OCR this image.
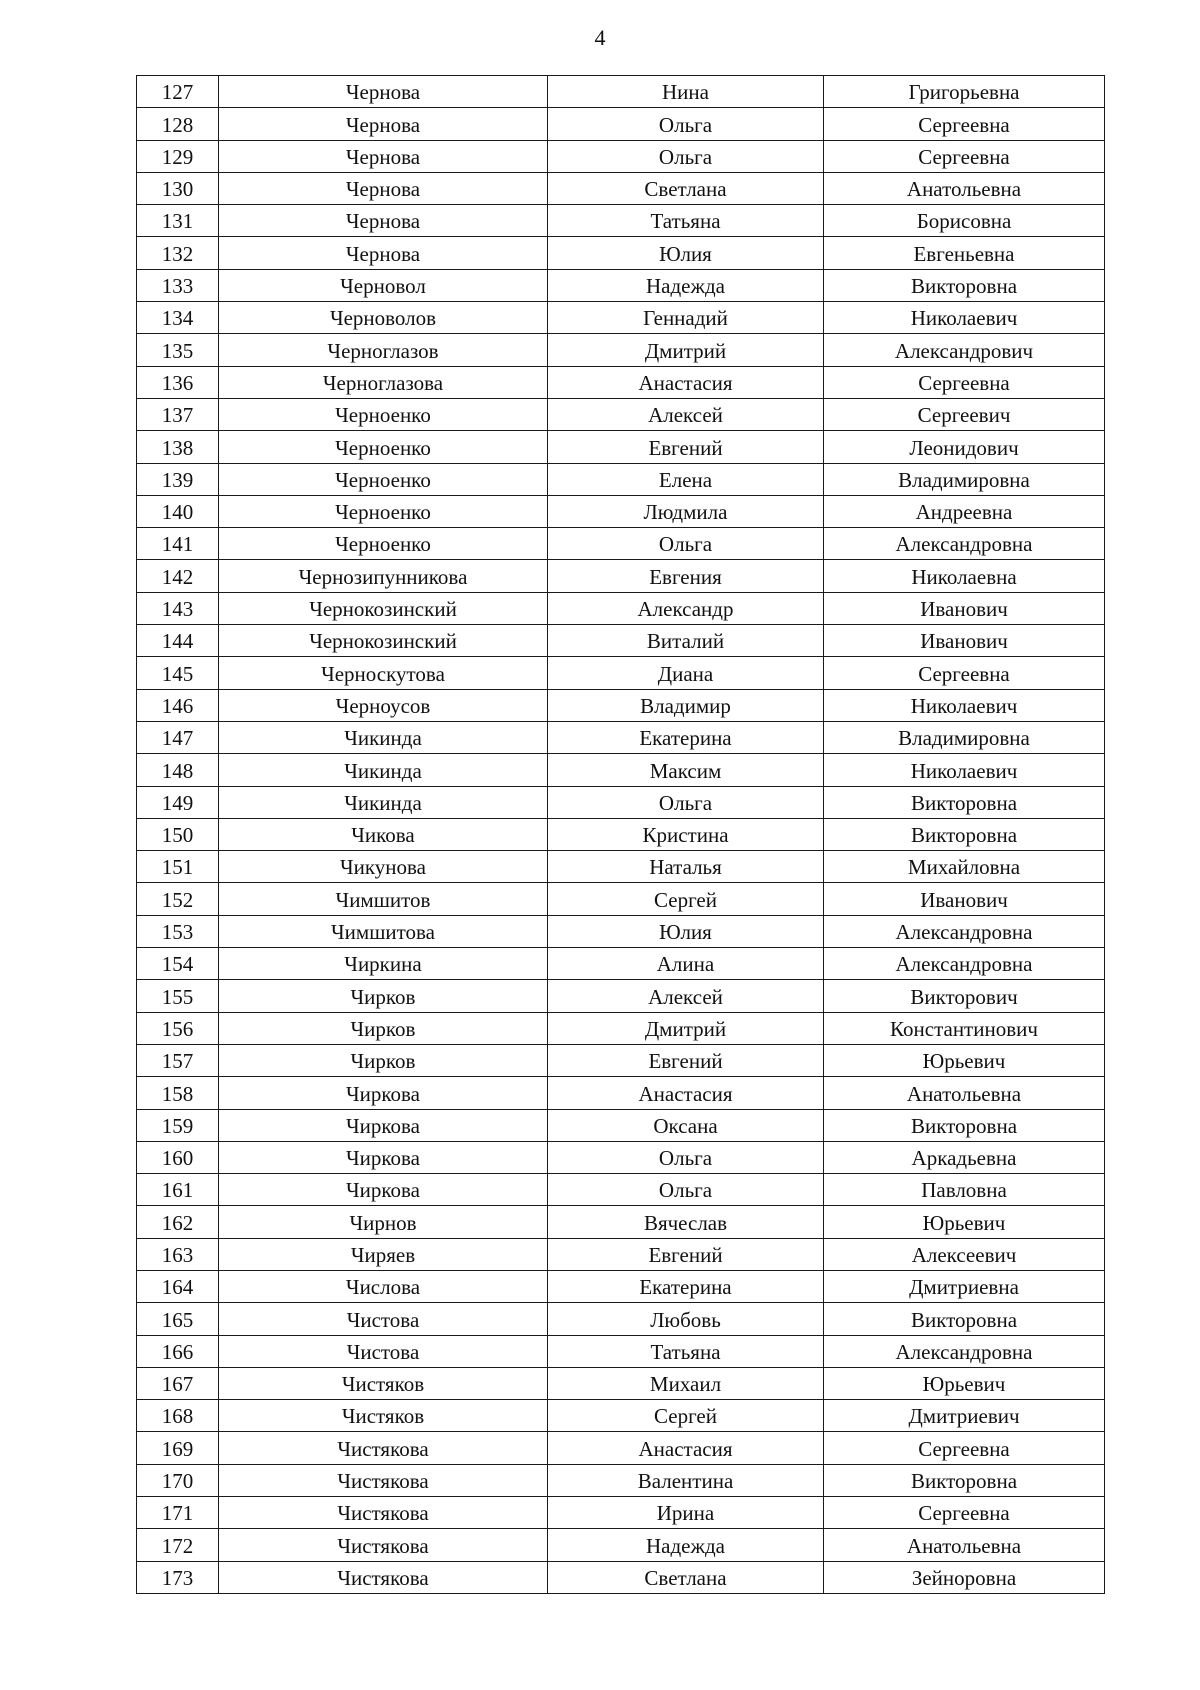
4
127	Чернова	Нина	Григорьевна
128	Чернова	Ольга	Сергеевна
129	Чернова	Ольга	Сергеевна
130	Чернова	Светлана	Анатольевна
131	Чернова	Татьяна	Борисовна
132	Чернова	Юлия	Евгеньевна
133	Черновол	Надежда	Викторовна
134	Черноволов	Геннадий	Николаевич
135	Черноглазов	Дмитрий	Александрович
136	Черноглазова	Анастасия	Сергеевна
137	Черноенко	Алексей	Сергеевич
138	Черноенко	Евгений	Леонидович
139	Черноенко	Елена	Владимировна
140	Черноенко	Людмила	Андреевна
141	Черноенко	Ольга	Александровна
142	Чернозипунникова	Евгения	Николаевна
143	Чернокозинский	Александр	Иванович
144	Чернокозинский	Виталий	Иванович
145	Черноскутова	Диана	Сергеевна
146	Черноусов	Владимир	Николаевич
147	Чикинда	Екатерина	Владимировна
148	Чикинда	Максим	Николаевич
149	Чикинда	Ольга	Викторовна
150	Чикова	Кристина	Викторовна
151	Чикунова	Наталья	Михайловна
152	Чимшитов	Сергей	Иванович
153	Чимшитова	Юлия	Александровна
154	Чиркина	Алина	Александровна
155	Чирков	Алексей	Викторович
156	Чирков	Дмитрий	Константинович
157	Чирков	Евгений	Юрьевич
158	Чиркова	Анастасия	Анатольевна
159	Чиркова	Оксана	Викторовна
160	Чиркова	Ольга	Аркадьевна
161	Чиркова	Ольга	Павловна
162	Чирнов	Вячеслав	Юрьевич
163	Чиряев	Евгений	Алексеевич
164	Числова	Екатерина	Дмитриевна
165	Чистова	Любовь	Викторовна
166	Чистова	Татьяна	Александровна
167	Чистяков	Михаил	Юрьевич
168	Чистяков	Сергей	Дмитриевич
169	Чистякова	Анастасия	Сергеевна
170	Чистякова	Валентина	Викторовна
171	Чистякова	Ирина	Сергеевна
172	Чистякова	Надежда	Анатольевна
173	Чистякова	Светлана	Зейноровна
